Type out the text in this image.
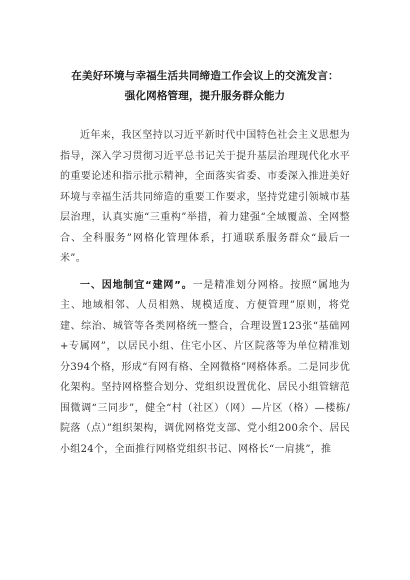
在美好环境与幸福生活共同缔造工作会议上的交流发言：
强化网格管理，提升服务群众能力

近年来，我区坚持以习近平新时代中国特色社会主义思想为指导，深入学习贯彻习近平总书记关于提升基层治理现代化水平的重要论述和指示批示精神，全面落实省委、市委深入推进美好环境与幸福生活共同缔造的重要工作要求，坚持党建引领城市基层治理，认真实施“三重构”举措，着力建强“全域覆盖、全网整合、全科服务”网格化管理体系，打通联系服务群众“最后一米”。

一、因地制宜“建网”。一是精准划分网格。按照“属地为主、地域相邻、人员相熟、规模适度、方便管理”原则，将党建、综治、城管等各类网格统一整合，合理设置123张“基础网+专属网”，以居民小组、住宅小区、片区院落等为单位精准划分394个格，形成“有网有格、全网微格”网格体系。二是同步优化架构。坚持网格整合划分、党组织设置优化、居民小组管辖范围微调“三同步”，健全“村（社区）（网）—片区（格）—楼栋/院落（点）”组织架构，调优网格党支部、党小组200余个、居民小组24个，全面推行网格党组织书记、网格长“一肩挑”，推
